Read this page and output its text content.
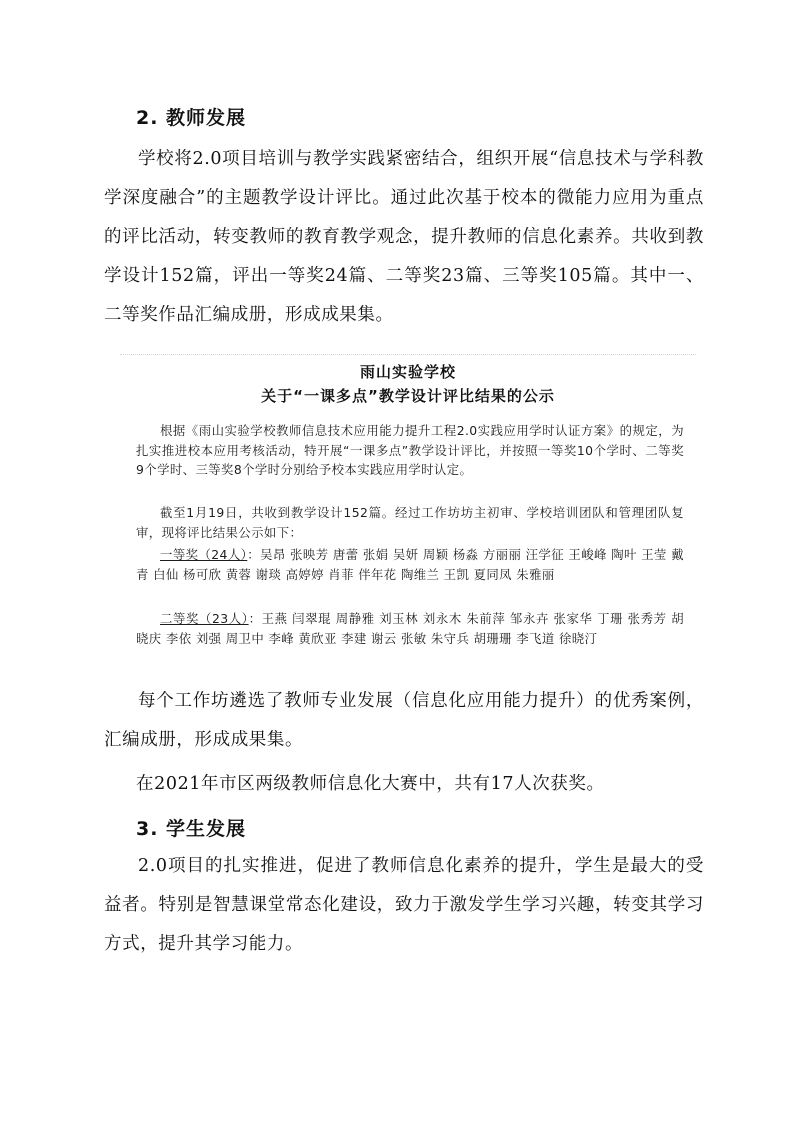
2. 教师发展

学校将2.0项目培训与教学实践紧密结合，组织开展“信息技术与学科教学深度融合”的主题教学设计评比。通过此次基于校本的微能力应用为重点的评比活动，转变教师的教育教学观念，提升教师的信息化素养。共收到教学设计152篇，评出一等奖24篇、二等奖23篇、三等奖105篇。其中一、二等奖作品汇编成册，形成成果集。

雨山实验学校
关于“一课多点”教学设计评比结果的公示

根据《雨山实验学校教师信息技术应用能力提升工程2.0实践应用学时认证方案》的规定，为扎实推进校本应用考核活动，特开展“一课多点”教学设计评比，并按照一等奖10个学时、二等奖9个学时、三等奖8个学时分别给予校本实践应用学时认定。

截至1月19日，共收到教学设计152篇。经过工作坊坊主初审、学校培训团队和管理团队复审，现将评比结果公示如下：

一等奖（24人）：吴昂 张映芳 唐蕾 张娟 吴妍 周颖 杨淼 方丽丽 汪学征 王峻峰 陶叶 王莹 戴青 白仙 杨可欣 黄蓉 谢琰 高婷婷 肖菲 伴年花 陶维兰 王凯 夏同凤 朱雅丽

二等奖（23人）：王燕 闫翠琨 周静雅 刘玉林 刘永木 朱前萍 邹永卉 张家华 丁珊 张秀芳 胡晓庆 李依 刘强 周卫中 李峰 黄欣亚 李建 谢云 张敏 朱守兵 胡珊珊 李飞道 徐晓汀

每个工作坊遴选了教师专业发展（信息化应用能力提升）的优秀案例，汇编成册，形成成果集。

在2021年市区两级教师信息化大赛中，共有17人次获奖。

3. 学生发展

2.0项目的扎实推进，促进了教师信息化素养的提升，学生是最大的受益者。特别是智慧课堂常态化建设，致力于激发学生学习兴趣，转变其学习方式，提升其学习能力。
